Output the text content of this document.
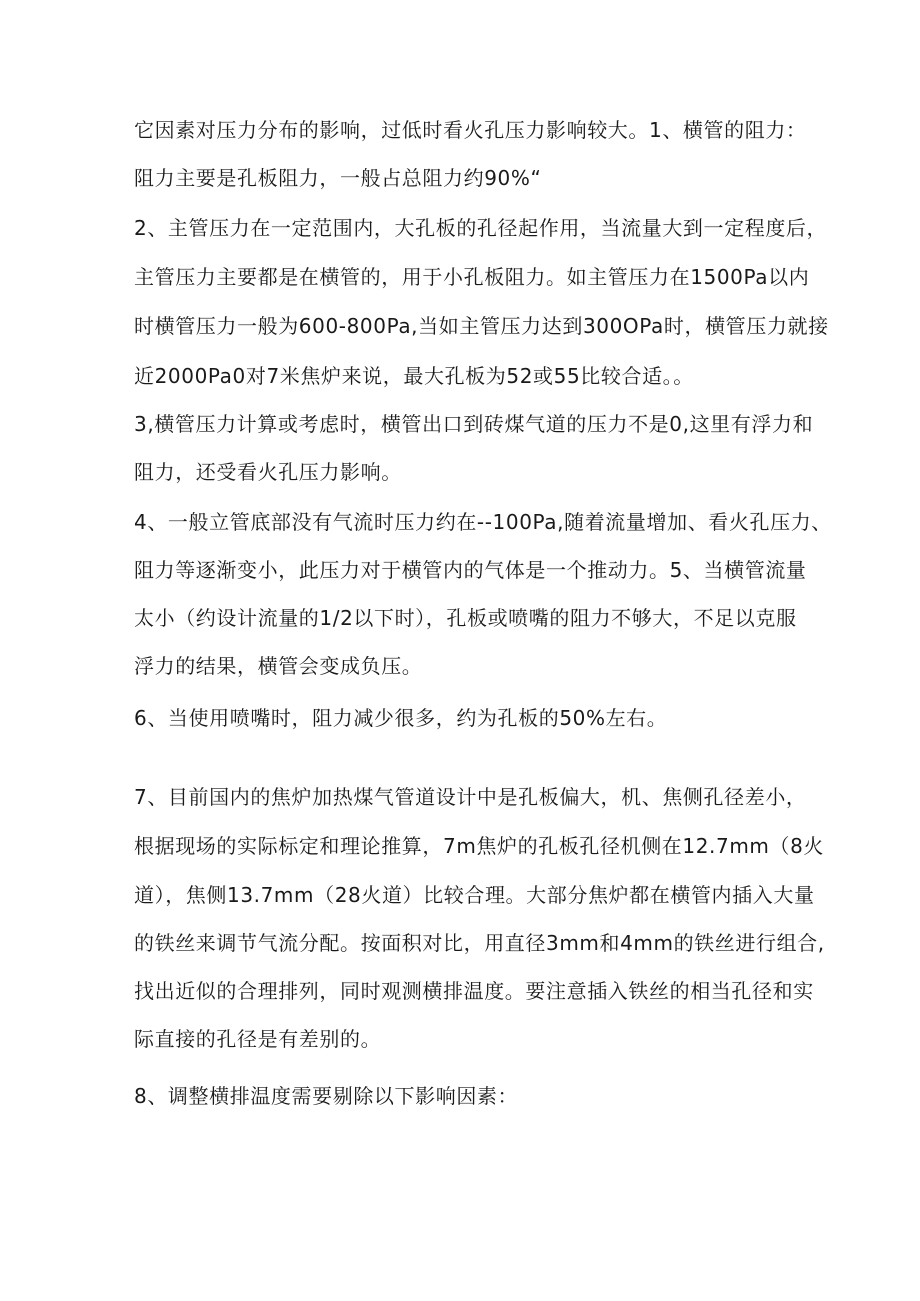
它因素对压力分布的影响，过低时看火孔压力影响较大。1、横管的阻力：
阻力主要是孔板阻力，一般占总阻力约90%“
2、主管压力在一定范围内，大孔板的孔径起作用，当流量大到一定程度后，
主管压力主要都是在横管的，用于小孔板阻力。如主管压力在1500Pa以内
时横管压力一般为600-800Pa,当如主管压力达到300OPa时，横管压力就接
近2000Pa0对7米焦炉来说，最大孔板为52或55比较合适。。
3,横管压力计算或考虑时，横管出口到砖煤气道的压力不是0,这里有浮力和
阻力，还受看火孔压力影响。
4、一般立管底部没有气流时压力约在--100Pa,随着流量增加、看火孔压力、
阻力等逐渐变小，此压力对于横管内的气体是一个推动力。5、当横管流量
太小（约设计流量的1/2以下时），孔板或喷嘴的阻力不够大，不足以克服
浮力的结果，横管会变成负压。
6、当使用喷嘴时，阻力减少很多，约为孔板的50%左右。
7、目前国内的焦炉加热煤气管道设计中是孔板偏大，机、焦侧孔径差小，
根据现场的实际标定和理论推算，7m焦炉的孔板孔径机侧在12.7mm（8火
道），焦侧13.7mm（28火道）比较合理。大部分焦炉都在横管内插入大量
的铁丝来调节气流分配。按面积对比，用直径3mm和4mm的铁丝进行组合,
找出近似的合理排列，同时观测横排温度。要注意插入铁丝的相当孔径和实
际直接的孔径是有差别的。
8、调整横排温度需要剔除以下影响因素：
